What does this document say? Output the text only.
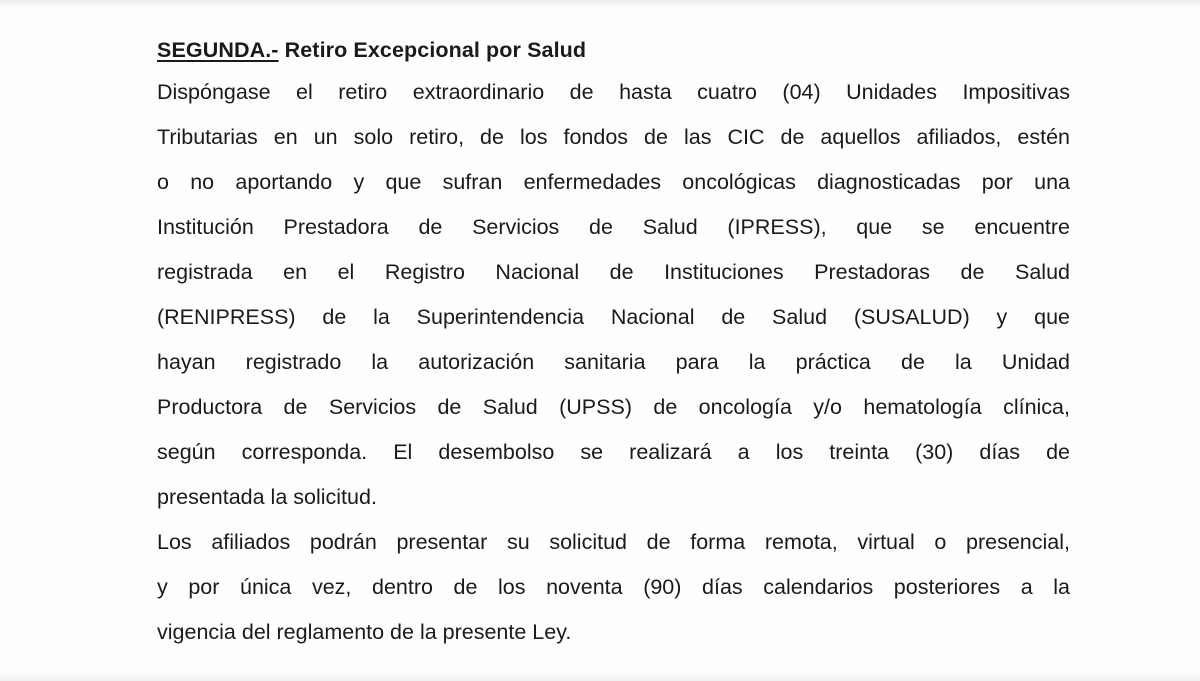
SEGUNDA.- Retiro Excepcional por Salud
Dispóngase el retiro extraordinario de hasta cuatro (04) Unidades Impositivas
Tributarias en un solo retiro, de los fondos de las CIC de aquellos afiliados, estén
o no aportando y que sufran enfermedades oncológicas diagnosticadas por una
Institución Prestadora de Servicios de Salud (IPRESS), que se encuentre
registrada en el Registro Nacional de Instituciones Prestadoras de Salud
(RENIPRESS) de la Superintendencia Nacional de Salud (SUSALUD) y que
hayan registrado la autorización sanitaria para la práctica de la Unidad
Productora de Servicios de Salud (UPSS) de oncología y/o hematología clínica,
según corresponda. El desembolso se realizará a los treinta (30) días de
presentada la solicitud.
Los afiliados podrán presentar su solicitud de forma remota, virtual o presencial,
y por única vez, dentro de los noventa (90) días calendarios posteriores a la
vigencia del reglamento de la presente Ley.
